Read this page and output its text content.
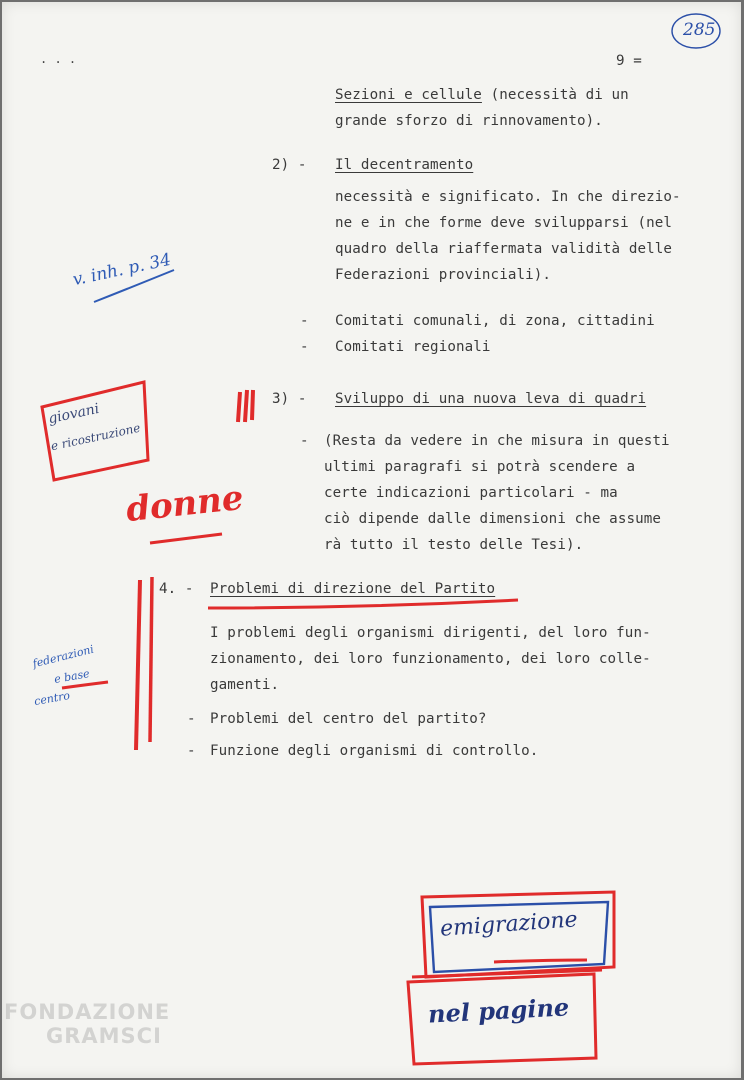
285
. . .	9 =
Sezioni e cellule (necessità di un
grande sforzo di rinnovamento).
2) - Il decentramento
necessità e significato. In che direzio-
ne e in che forme deve svilupparsi (nel
quadro della riaffermata validità delle
Federazioni provinciali).
- Comitati comunali, di zona, cittadini
- Comitati regionali
3) - Sviluppo di una nuova leva di quadri
- (Resta da vedere in che misura in questi
ultimi paragrafi si potrà scendere a
certe indicazioni particolari - ma
ciò dipende dalle dimensioni che assume
rà tutto il testo delle Tesi).
4. - Problemi di direzione del Partito
I problemi degli organismi dirigenti, del loro fun-
zionamento, dei loro funzionamento, dei loro colle-
gamenti.
- Problemi del centro del partito?
- Funzione degli organismi di controllo.
v. inh. p. 34
giovani
e ricostruzione
donne
federazioni
e base
centro
emigrazione
nel pagine
FONDAZIONE
GRAMSCI
